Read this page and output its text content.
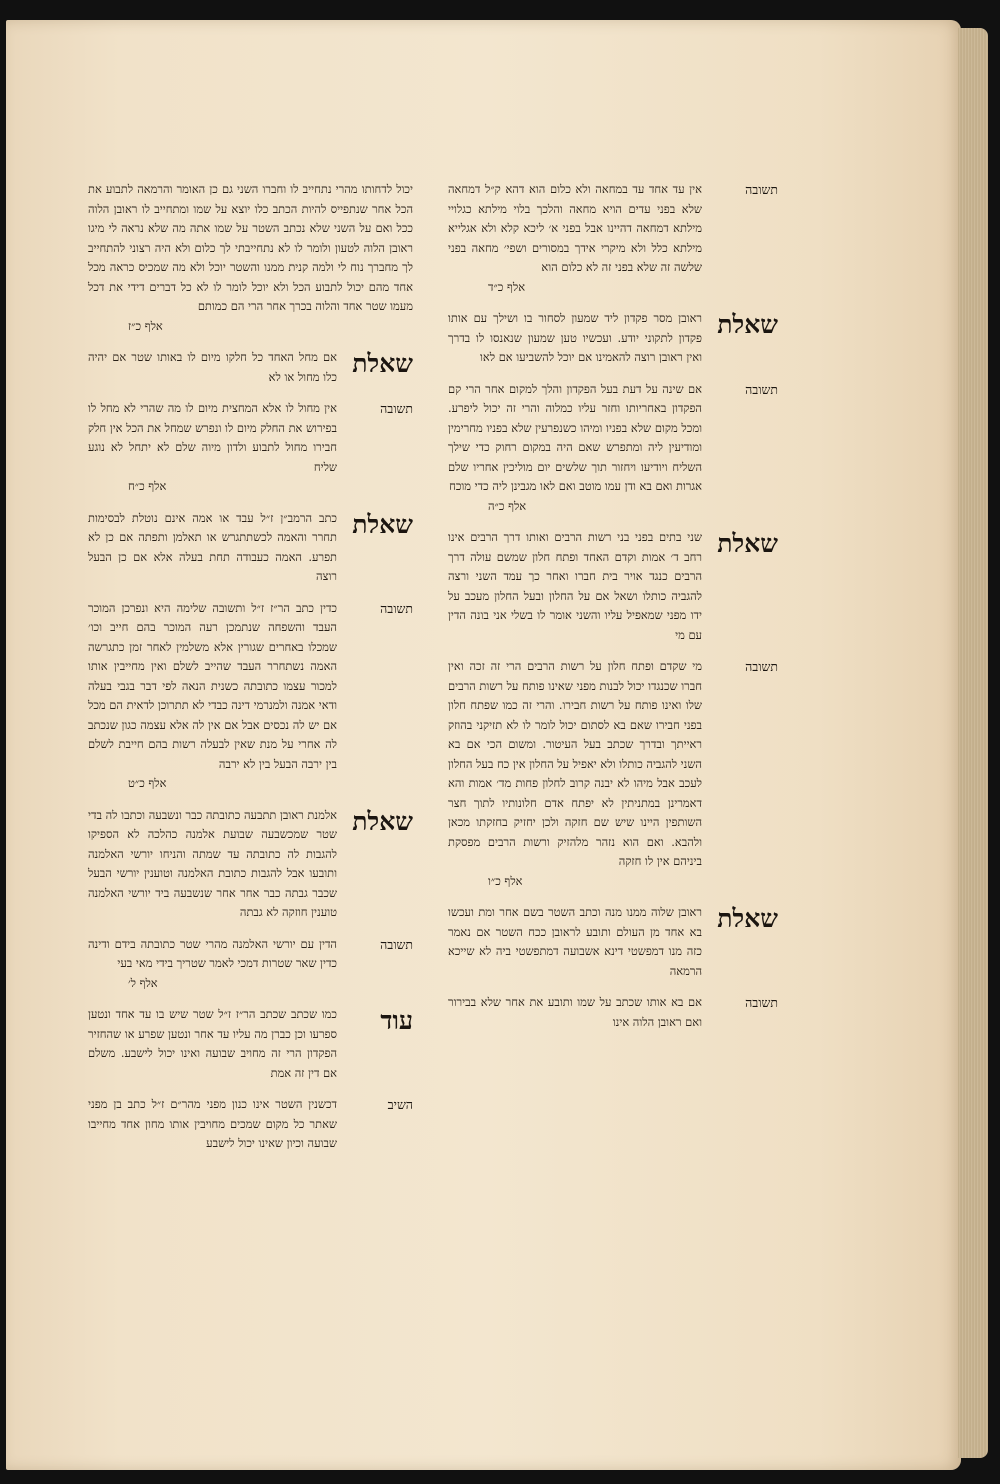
תשובה

אין עד אחד עד במחאה ולא כלום הוא דהא ק״ל דמחאה שלא בפני עדים הויא מחאה והלכך בלוי מילתא כגלויי מילתא דמחאה דהיינו אבל בפני א׳ ליכא קלא ולא אגלייא מילתא כלל ולא מיקרי אידך במסורים ושפי׳ מחאה בפני שלשה זה שלא בפני זה לא כלום הוא

אלף כ״ד
שאלת

ראובן מסר פקדון ליד שמעון לסחור בו ושילך עם אותו פקדון לתקוני יודע. ועכשיו טען שמעון שנאנסו לו בדרך ואין ראובן רוצה להאמינו אם יוכל להשביעו אם לאו

תשובה

אם שינה על דעת בעל הפקדון והלך למקום אחר הרי קם הפקדון באחריותו וחזר עליו כמלוה והרי זה יכול ליפרע. ומכל מקום שלא בפניו ומיהו כשנפרעין שלא בפניו מחרימין ומודיעין ליה ומתפרש שאם היה במקום רחוק כדי שילך השליח ויודיעו ויחזור תוך שלשים יום מוליכין אחריו שלם אגרות ואם בא ודן עמו מוטב ואם לאו מגבינן ליה כדי מוכח

אלף כ״ה
שאלת

שני בתים בפני בני רשות הרבים ואותו דרך הרבים אינו רחב ד׳ אמות וקדם האחד ופתח חלון שמשם עולה דרך הרבים כנגד אויר בית חברו ואחר כך עמד השני ורצה להגביה כותלו ושאל אם על החלון ובעל החלון מעכב על ידו מפני שמאפיל עליו והשני אומר לו בשלי אני בונה הדין עם מי

תשובה

מי שקדם ופתח חלון על רשות הרבים הרי זה זכה ואין חברו שכנגדו יכול לבנות מפני שאינו פותח על רשות הרבים שלו ואינו פותח על רשות חבירו. והרי זה כמו שפתח חלון בפני חבירו שאם בא לסתום יכול לומר לו לא תזיקני בהוזק ראייתך ובדרך שכתב בעל העיטור. ומשום הכי אם בא השני להגביה כותלו ולא יאפיל על החלון אין כח בעל החלון לעכב אבל מיהו לא יבנה קרוב לחלון פחות מד׳ אמות והא דאמרינן במתניתין לא יפתח אדם חלונותיו לתוך חצר השותפין היינו שיש שם חזקה ולכן יחזיק בחזקתו מכאן ולהבא. ואם הוא נזהר מלהזיק ורשות הרבים מפסקת ביניהם אין לו חזקה

אלף כ״ו
שאלת

ראובן שלוה ממנו מנה וכתב השטר בשם אחר ומת ועכשו בא אחד מן העולם ותובע לראובן ככח השטר אם נאמר כזה מנו דמפשטי דינא אשבועה דמתפשטי ביה לא שייכא הרמאה

תשובה

אם בא אותו שכתב על שמו ותובע את אחר שלא בבירור ואם ראובן הלוה אינו

יכול לדחותו מהרי נתחייב לו וחברו השני גם כן האומר והרמאה לתבוע את הכל אחר שנתפייס להיות הכתב כלו יוצא על שמו ומתחייב לו ראובן הלוה ככל ואם על השני שלא נכתב השטר על שמו אתה מה שלא נראה לי מיגו ראובן הלוה לטעון ולומר לו לא נתחייבתי לך כלום ולא היה רצוני להתחייב לך מחברך נוח לי ולמה קנית ממנו והשטר יוכל ולא מה שמכיס כראה מכל אחד מהם יכול לתבוע הכל ולא יוכל לומר לו לא כל דברים דידי את דכל מעמו שטר אחד והלוה בכרך אחר הרי הם כמותם

אלף כ״ז
שאלת

אם מחל האחד כל חלקו מיום לו באותו שטר אם יהיה כלו מחול או לא

תשובה

אין מחול לו אלא המחצית מיום לו מה שהרי לא מחל לו בפירוש את החלק מיום לו ונפרש שמחל את הכל אין חלק חבירו מחול לתבוע ולדון מיוה שלם לא יתחל לא נוגע שליח

אלף כ״ח
שאלת

כתב הרמב״ן ז״ל עבד או אמה אינם נוטלת לבסימות תחרר והאמה לכשתתגרש או תאלמן ותפתה אם כן לא תפרע. האמה כעבודה תחת בעלה אלא אם כן הבעל רוצה

תשובה

כדין כתב הר״ז ז״ל ותשובה שלימה היא ונפרכן המוכר העבד והשפחה שנתמכן רעה המוכר בהם חייב וכו׳ שמכלו באחרים שגורין אלא משלמין לאחר זמן כתגרשה האמה נשתחרר העבד שהייב לשלם ואין מחייבין אותו למכור עצמו כתובתה כשנית הנאה לפי דבר בגבי בעלה ודאי אמנה ולמנרמי דינה כבדי לא תתרוכן לדאית הם מכל אם יש לה נכסים אבל אם אין לה אלא עצמה כגון שנכתב לה אחרי על מנת שאין לבעלה רשות בהם חייבת לשלם בין ירבה הבעל בין לא ירבה

אלף כ״ט
שאלת

אלמנת ראובן תתבעה כתובתה כבר ונשבעה וכתבו לה בדי שטר שמכשבעה שבועת אלמנה כהלכה לא הספיקו להגבות לה כתובתה עד שמתה והניחו יורשי האלמנה ותובעו אבל להגבות כתובת האלמנה וטוענין יורשי הבעל שכבר גבתה כבר אחר אחר שנשבעה ביד יורשי האלמנה טוענין חוזקה לא גבתה

תשובה

הדין עם יורשי האלמנה מהרי שטר כתובתה בידם ודינה כדין שאר שטרות דמכי לאמר שטריך בידי מאי בעי

אלף ל׳
עוד

כמו שכתב שכתב הר״ז ז״ל שטר שיש בו עד אחד ונטען ספרעו וכן כברן מה עליו עד אחר ונטען שפרע או שהחזיר הפקדון הרי זה מחויב שבועה ואינו יכול לישבע. משלם אם דין זה אמת

השיב

דכשנין השטר אינו כנון מפני מהר״ם ז״ל כתב בן מפני שאתר כל מקום שמכים מחויבין אותו מחון אחד מחייבו שבועה וכיון שאינו יכול לישבע
